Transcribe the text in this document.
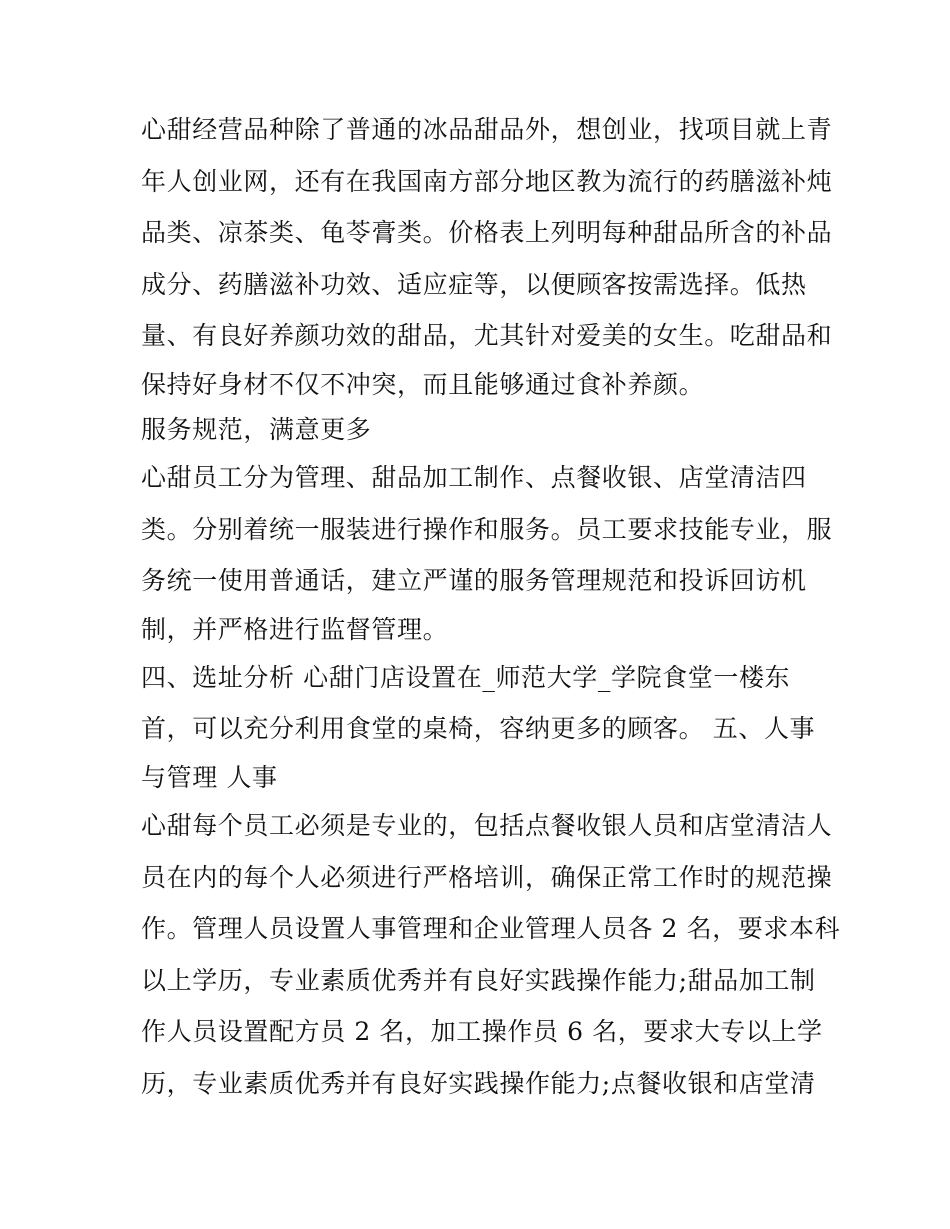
心甜经营品种除了普通的冰品甜品外，想创业，找项目就上青
年人创业网，还有在我国南方部分地区教为流行的药膳滋补炖
品类、凉茶类、龟苓膏类。价格表上列明每种甜品所含的补品
成分、药膳滋补功效、适应症等，以便顾客按需选择。低热
量、有良好养颜功效的甜品，尤其针对爱美的女生。吃甜品和
保持好身材不仅不冲突，而且能够通过食补养颜。
服务规范，满意更多
心甜员工分为管理、甜品加工制作、点餐收银、店堂清洁四
类。分别着统一服装进行操作和服务。员工要求技能专业，服
务统一使用普通话，建立严谨的服务管理规范和投诉回访机
制，并严格进行监督管理。
四、选址分析 心甜门店设置在_师范大学_学院食堂一楼东
首，可以充分利用食堂的桌椅，容纳更多的顾客。 五、人事
与管理 人事
心甜每个员工必须是专业的，包括点餐收银人员和店堂清洁人
员在内的每个人必须进行严格培训，确保正常工作时的规范操
作。管理人员设置人事管理和企业管理人员各 2 名，要求本科
以上学历，专业素质优秀并有良好实践操作能力;甜品加工制
作人员设置配方员 2 名，加工操作员 6 名，要求大专以上学
历，专业素质优秀并有良好实践操作能力;点餐收银和店堂清
